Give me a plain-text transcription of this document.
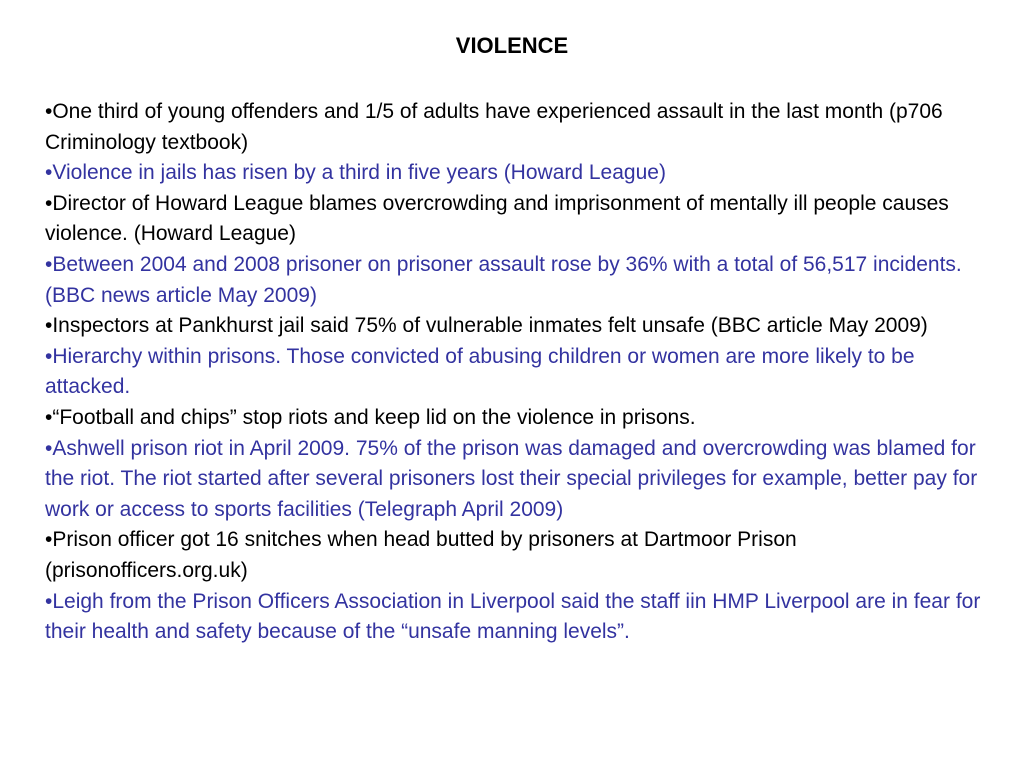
VIOLENCE
•One third of young offenders and 1/5 of adults have experienced assault in the last month (p706 Criminology textbook)
•Violence in jails has risen by a third in five years (Howard League)
•Director of Howard League blames overcrowding and imprisonment of mentally ill people causes violence. (Howard League)
•Between 2004 and 2008 prisoner on prisoner assault rose by 36% with a total of 56,517 incidents. (BBC news article May 2009)
•Inspectors at Pankhurst jail said 75% of vulnerable inmates felt unsafe (BBC article May 2009)
•Hierarchy within prisons. Those convicted of abusing children or women are more likely to be attacked.
•“Football and chips” stop riots and keep lid on the violence in prisons.
•Ashwell prison riot in April 2009. 75% of the prison was damaged and overcrowding was blamed for the riot. The riot started after several prisoners lost their special privileges for example, better pay for work or access to sports facilities (Telegraph April 2009)
•Prison officer got 16 snitches when head butted by prisoners at Dartmoor Prison (prisonofficers.org.uk)
•Leigh from the Prison Officers Association in Liverpool said the staff iin HMP Liverpool are in fear for their health and safety because of the “unsafe manning levels”.
